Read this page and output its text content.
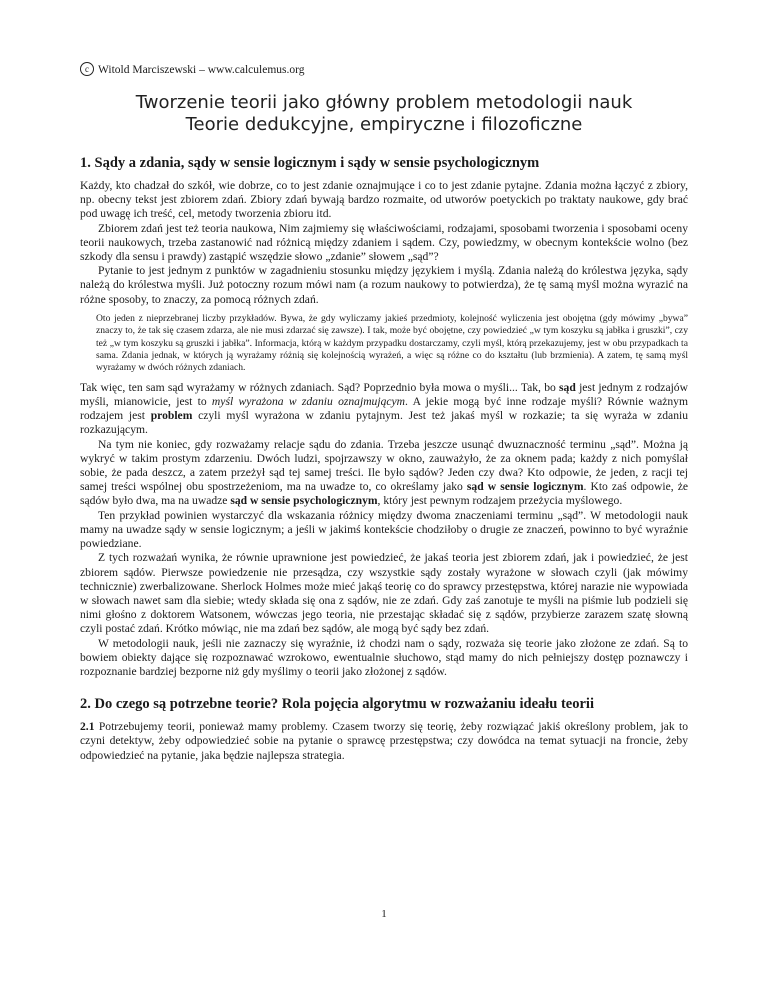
c Witold Marciszewski – www.calculemus.org
Tworzenie teorii jako główny problem metodologii nauk
Teorie dedukcyjne, empiryczne i filozoficzne
1. Sądy a zdania, sądy w sensie logicznym i sądy w sensie psychologicznym

Każdy, kto chadzał do szkół, wie dobrze, co to jest zdanie oznajmujące i co to jest zdanie pytajne. Zdania można łączyć z zbiory, np. obecny tekst jest zbiorem zdań. Zbiory zdań bywają bardzo rozmaite, od utworów poetyckich po traktaty naukowe, gdy brać pod uwagę ich treść, cel, metody tworzenia zbioru itd.

Zbiorem zdań jest też teoria naukowa, Nim zajmiemy się właściwościami, rodzajami, sposobami tworzenia i sposobami oceny teorii naukowych, trzeba zastanowić nad różnicą między zdaniem i sądem. Czy, powiedzmy, w obecnym kontekście wolno (bez szkody dla sensu i prawdy) zastąpić wszędzie słowo „zdanie” słowem „sąd”?

Pytanie to jest jednym z punktów w zagadnieniu stosunku między językiem i myślą. Zdania należą do królestwa języka, sądy należą do królestwa myśli. Już potoczny rozum mówi nam (a rozum naukowy to potwierdza), że tę samą myśl można wyrazić na różne sposoby, to znaczy, za pomocą różnych zdań.

Oto jeden z nieprzebranej liczby przykładów. Bywa, że gdy wyliczamy jakieś przedmioty, kolejność wyliczenia jest obojętna (gdy mówimy „bywa” znaczy to, że tak się czasem zdarza, ale nie musi zdarzać się zawsze). I tak, może być obojętne, czy powiedzieć „w tym koszyku są jabłka i gruszki”, czy też „w tym koszyku są gruszki i jabłka”. Informacja, którą w każdym przypadku dostarczamy, czyli myśl, którą przekazujemy, jest w obu przypadkach ta sama. Zdania jednak, w których ją wyrażamy różnią się kolejnością wyrażeń, a więc są różne co do kształtu (lub brzmienia). A zatem, tę samą myśl wyrażamy w dwóch różnych zdaniach.

Tak więc, ten sam sąd wyrażamy w różnych zdaniach. Sąd? Poprzednio była mowa o myśli... Tak, bo sąd jest jednym z rodzajów myśli, mianowicie, jest to myśl wyrażona w zdaniu oznajmującym. A jekie mogą być inne rodzaje myśli? Równie ważnym rodzajem jest problem czyli myśl wyrażona w zdaniu pytajnym. Jest też jakaś myśl w rozkazie; ta się wyraża w zdaniu rozkazującym.

Na tym nie koniec, gdy rozważamy relacje sądu do zdania. Trzeba jeszcze usunąć dwuznaczność terminu „sąd”. Można ją wykryć w takim prostym zdarzeniu. Dwóch ludzi, spojrzawszy w okno, zauważyło, że za oknem pada; każdy z nich pomyślał sobie, że pada deszcz, a zatem przeżył sąd tej samej treści. Ile było sądów? Jeden czy dwa? Kto odpowie, że jeden, z racji tej samej treści wspólnej obu spostrzeżeniom, ma na uwadze to, co określamy jako sąd w sensie logicznym. Kto zaś odpowie, że sądów było dwa, ma na uwadze sąd w sensie psychologicznym, który jest pewnym rodzajem przeżycia myślowego.

Ten przykład powinien wystarczyć dla wskazania różnicy między dwoma znaczeniami terminu „sąd”. W metodologii nauk mamy na uwadze sądy w sensie logicznym; a jeśli w jakimś kontekście chodziłoby o drugie ze znaczeń, powinno to być wyraźnie powiedziane.

Z tych rozważań wynika, że równie uprawnione jest powiedzieć, że jakaś teoria jest zbiorem zdań, jak i powiedzieć, że jest zbiorem sądów. Pierwsze powiedzenie nie przesądza, czy wszystkie sądy zostały wyrażone w słowach czyli (jak mówimy technicznie) zwerbalizowane. Sherlock Holmes może mieć jakąś teorię co do sprawcy przestępstwa, której narazie nie wypowiada w słowach nawet sam dla siebie; wtedy składa się ona z sądów, nie ze zdań. Gdy zaś zanotuje te myśli na piśmie lub podzieli się nimi głośno z doktorem Watsonem, wówczas jego teoria, nie przestając składać się z sądów, przybierze zarazem szatę słowną czyli postać zdań. Krótko mówiąc, nie ma zdań bez sądów, ale mogą być sądy bez zdań.

W metodologii nauk, jeśli nie zaznaczy się wyraźnie, iż chodzi nam o sądy, rozważa się teorie jako złożone ze zdań. Są to bowiem obiekty dające się rozpoznawać wzrokowo, ewentualnie słuchowo, stąd mamy do nich pełniejszy dostęp poznawczy i rozpoznanie bardziej bezporne niż gdy myślimy o teorii jako złożonej z sądów.

2. Do czego są potrzebne teorie? Rola pojęcia algorytmu w rozważaniu ideału teorii

2.1 Potrzebujemy teorii, ponieważ mamy problemy. Czasem tworzy się teorię, żeby rozwiązać jakiś określony problem, jak to czyni detektyw, żeby odpowiedzieć sobie na pytanie o sprawcę przestępstwa; czy dowódca na temat sytuacji na froncie, żeby odpowiedzieć na pytanie, jaka będzie najlepsza strategia.

1
